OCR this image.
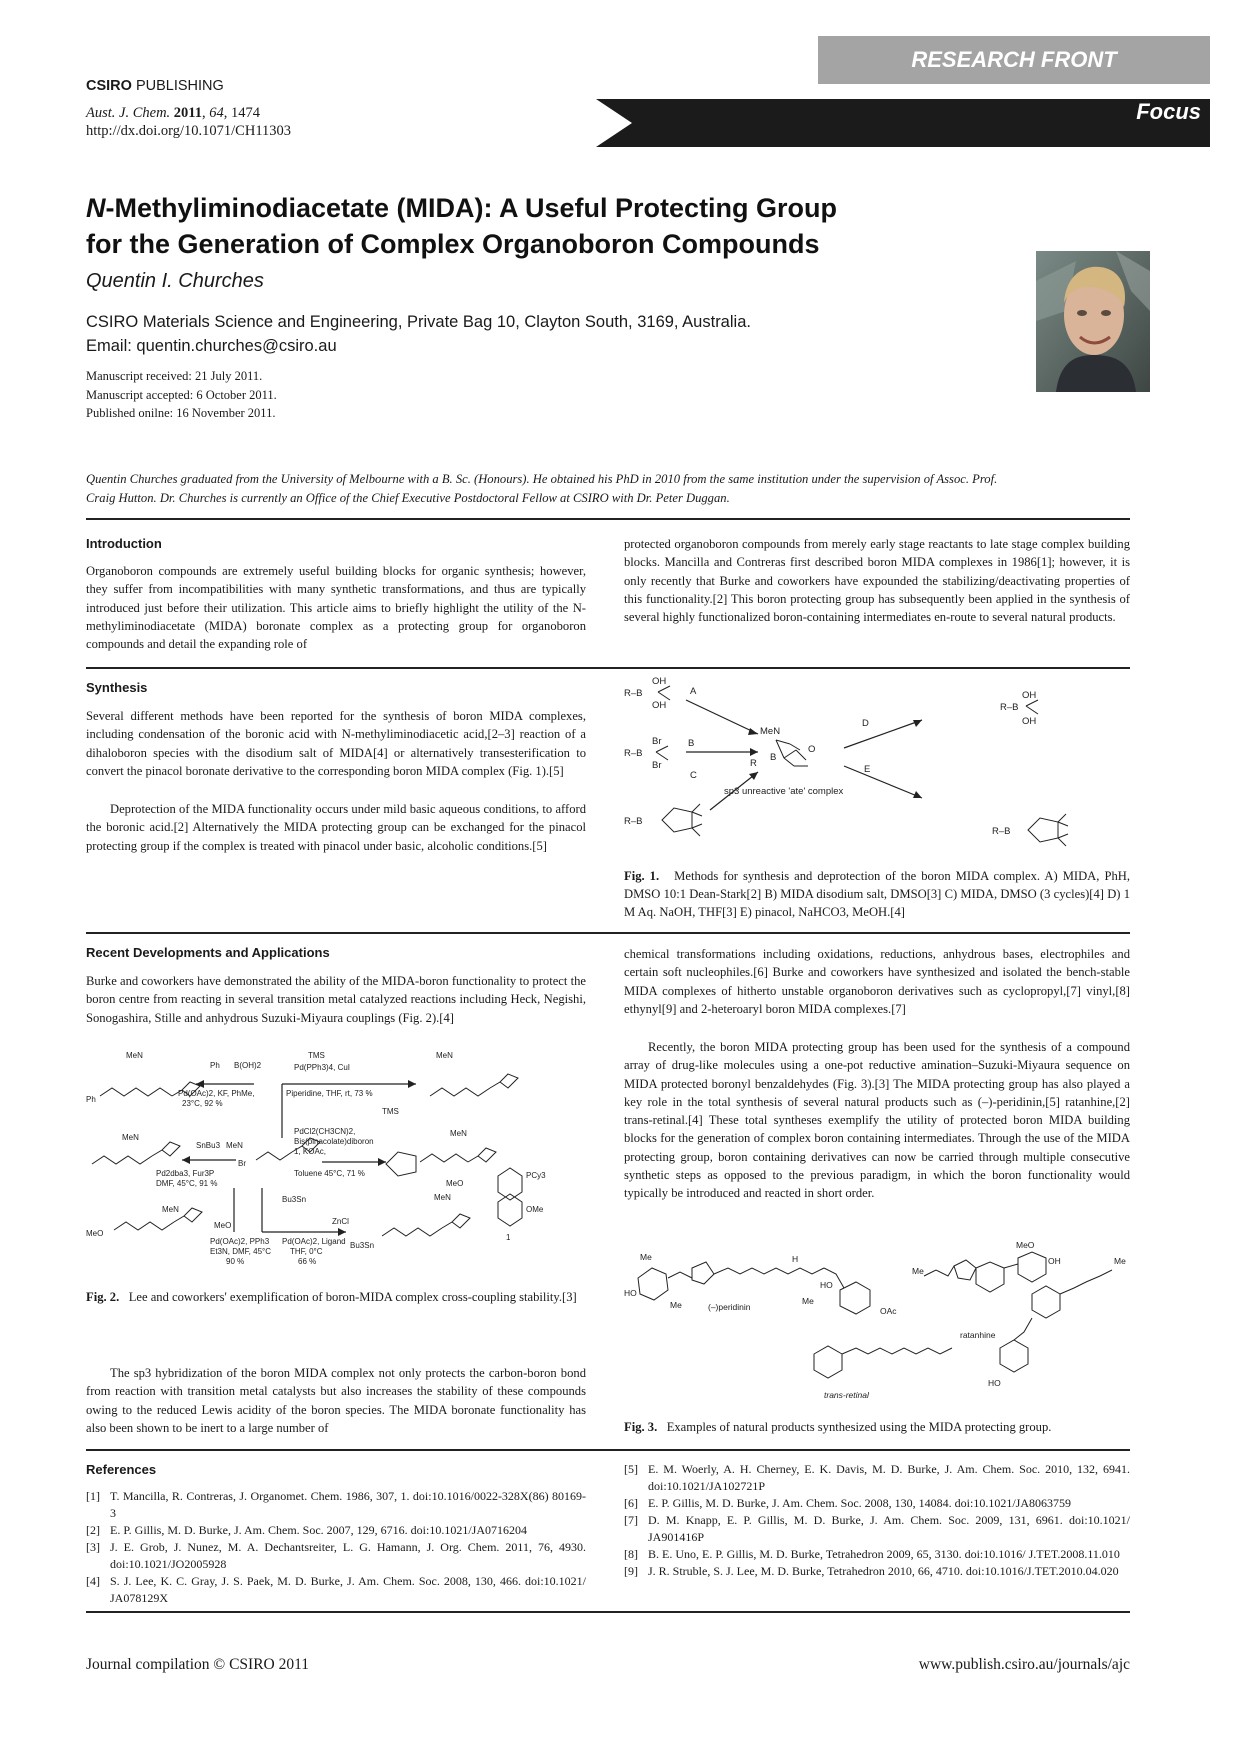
RESEARCH FRONT
Focus
CSIRO PUBLISHING
Aust. J. Chem. 2011, 64, 1474
http://dx.doi.org/10.1071/CH11303
N-Methyliminodiacetate (MIDA): A Useful Protecting Group
for the Generation of Complex Organoboron Compounds
Quentin I. Churches
CSIRO Materials Science and Engineering, Private Bag 10, Clayton South, 3169, Australia.
Email: quentin.churches@csiro.au
Manuscript received: 21 July 2011.
Manuscript accepted: 6 October 2011.
Published onilne: 16 November 2011.
Quentin Churches graduated from the University of Melbourne with a B. Sc. (Honours). He obtained his PhD in 2010 from the same institution under the supervision of Assoc. Prof.
Craig Hutton. Dr. Churches is currently an Office of the Chief Executive Postdoctoral Fellow at CSIRO with Dr. Peter Duggan.
Introduction
Organoboron compounds are extremely useful building blocks for organic synthesis; however, they suffer from incompatibilities with many synthetic transformations, and thus are typically introduced just before their utilization. This article aims to briefly highlight the utility of the N-methyliminodiacetate (MIDA) boronate complex as a protecting group for organoboron compounds and detail the expanding role of
protected organoboron compounds from merely early stage reactants to late stage complex building blocks. Mancilla and Contreras first described boron MIDA complexes in 1986[1]; however, it is only recently that Burke and coworkers have expounded the stabilizing/deactivating properties of this functionality.[2] This boron protecting group has subsequently been applied in the synthesis of several highly functionalized boron-containing intermediates en-route to several natural products.
Synthesis
Several different methods have been reported for the synthesis of boron MIDA complexes, including condensation of the boronic acid with N-methyliminodiacetic acid,[2–3] reaction of a dihaloboron species with the disodium salt of MIDA[4] or alternatively transesterification to convert the pinacol boronate derivative to the corresponding boron MIDA complex (Fig. 1).[5]
Deprotection of the MIDA functionality occurs under mild basic aqueous conditions, to afford the boronic acid.[2] Alternatively the MIDA protecting group can be exchanged for the pinacol protecting group if the complex is treated with pinacol under basic, alcoholic conditions.[5]
OH
R–B
OH
Br
R–B
Br
R–B
A
B
C
D
E
MeN
R
B
O
sp3 unreactive 'ate' complex
OH
R–B
OH
R–B
Fig. 1. Methods for synthesis and deprotection of the boron MIDA complex. A) MIDA, PhH, DMSO 10:1 Dean-Stark[2] B) MIDA disodium salt, DMSO[3] C) MIDA, DMSO (3 cycles)[4] D) 1 M Aq. NaOH, THF[3] E) pinacol, NaHCO3, MeOH.[4]
Recent Developments and Applications
Burke and coworkers have demonstrated the ability of the MIDA-boron functionality to protect the boron centre from reacting in several transition metal catalyzed reactions including Heck, Negishi, Sonogashira, Stille and anhydrous Suzuki-Miyaura couplings (Fig. 2).[4]
MeN
Ph
Ph B(OH)2
Pd(OAc)2, KF, PhMe,
23°C, 92 %
TMS
Pd(PPh3)4, CuI
Piperidine, THF, rt, 73 %
TMS
MeN
MeN
Br
SnBu3
Pd2dba3, Fur3P
DMF, 45°C, 91 %
MeN
PdCl2(CH3CN)2,
Bis(pinacolate)diboron
1, KOAc,
Toluene 45°C, 71 %
MeN
MeO
PCy3
OMe
1
MeN
MeO
MeO
Pd(OAc)2, PPh3
Et3N, DMF, 45°C
90 %
Bu3Sn
ZnCl
Pd(OAc)2, Ligand
THF, 0°C
66 %
Bu3Sn
MeN
Fig. 2. Lee and coworkers' exemplification of boron-MIDA complex cross-coupling stability.[3]
The sp3 hybridization of the boron MIDA complex not only protects the carbon-boron bond from reaction with transition metal catalysts but also increases the stability of these compounds owing to the reduced Lewis acidity of the boron species. The MIDA boronate functionality has also been shown to be inert to a large number of
chemical transformations including oxidations, reductions, anhydrous bases, electrophiles and certain soft nucleophiles.[6] Burke and coworkers have synthesized and isolated the bench-stable MIDA complexes of hitherto unstable organoboron derivatives such as cyclopropyl,[7] vinyl,[8] ethynyl[9] and 2-heteroaryl boron MIDA complexes.[7]
Recently, the boron MIDA protecting group has been used for the synthesis of a compound array of drug-like molecules using a one-pot reductive amination–Suzuki-Miyaura sequence on MIDA protected boronyl benzaldehydes (Fig. 3).[3] The MIDA protecting group has also played a key role in the total synthesis of several natural products such as (–)-peridinin,[5] ratanhine,[2] trans-retinal.[4] These total syntheses exemplify the utility of protected boron MIDA building blocks for the generation of complex boron containing intermediates. Through the use of the MIDA protecting group, boron containing derivatives can now be carried through multiple consecutive synthetic steps as opposed to the previous paradigm, in which the boron functionality would typically be introduced and reacted in short order.
Me
HO
Me	(–)peridinin
H
HO
OAc
Me
trans-retinal
Me
MeO
OH	Me
ratanhine
HO
Fig. 3. Examples of natural products synthesized using the MIDA protecting group.
References
[1] T. Mancilla, R. Contreras, J. Organomet. Chem. 1986, 307, 1. doi:10.1016/0022-328X(86) 80169-3
[2] E. P. Gillis, M. D. Burke, J. Am. Chem. Soc. 2007, 129, 6716. doi:10.1021/JA0716204
[3] J. E. Grob, J. Nunez, M. A. Dechantsreiter, L. G. Hamann, J. Org. Chem. 2011, 76, 4930. doi:10.1021/JO2005928
[4] S. J. Lee, K. C. Gray, J. S. Paek, M. D. Burke, J. Am. Chem. Soc. 2008, 130, 466. doi:10.1021/ JA078129X
[5] E. M. Woerly, A. H. Cherney, E. K. Davis, M. D. Burke, J. Am. Chem. Soc. 2010, 132, 6941. doi:10.1021/JA102721P
[6] E. P. Gillis, M. D. Burke, J. Am. Chem. Soc. 2008, 130, 14084. doi:10.1021/JA8063759
[7] D. M. Knapp, E. P. Gillis, M. D. Burke, J. Am. Chem. Soc. 2009, 131, 6961. doi:10.1021/ JA901416P
[8] B. E. Uno, E. P. Gillis, M. D. Burke, Tetrahedron 2009, 65, 3130. doi:10.1016/ J.TET.2008.11.010
[9] J. R. Struble, S. J. Lee, M. D. Burke, Tetrahedron 2010, 66, 4710. doi:10.1016/J.TET.2010.04.020
Journal compilation © CSIRO 2011	www.publish.csiro.au/journals/ajc
